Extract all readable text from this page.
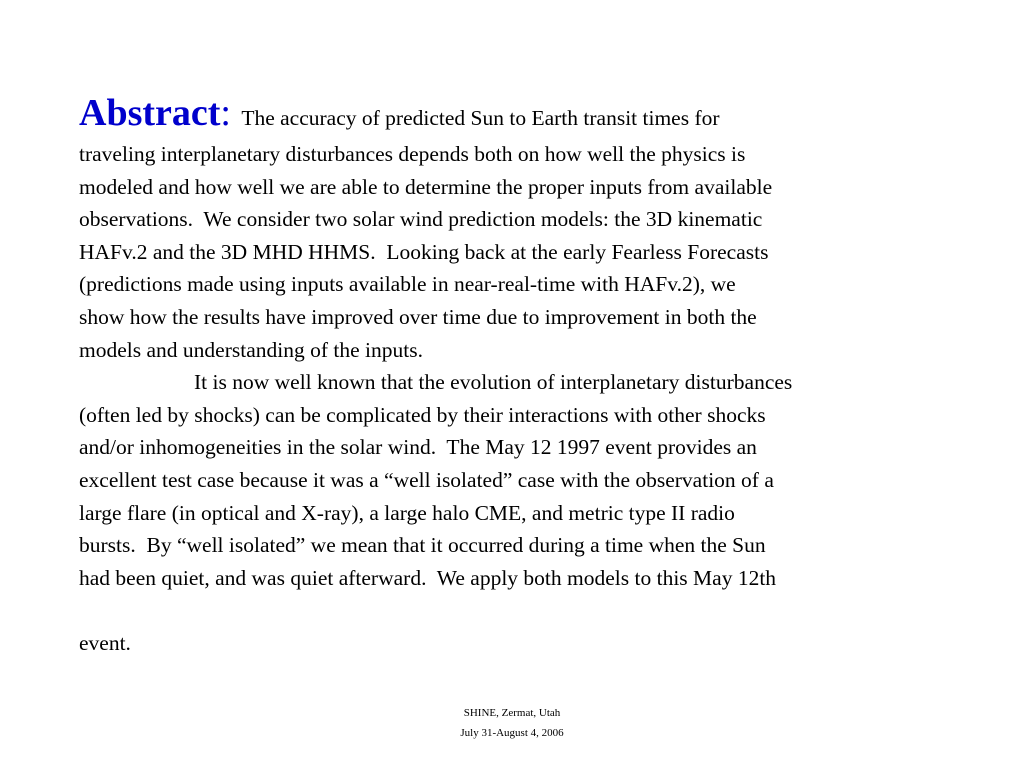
Abstract: The accuracy of predicted Sun to Earth transit times for
traveling interplanetary disturbances depends both on how well the physics is
modeled and how well we are able to determine the proper inputs from available
observations.  We consider two solar wind prediction models: the 3D kinematic
HAFv.2 and the 3D MHD HHMS.  Looking back at the early Fearless Forecasts
(predictions made using inputs available in near-real-time with HAFv.2), we
show how the results have improved over time due to improvement in both the
models and understanding of the inputs.
It is now well known that the evolution of interplanetary disturbances
(often led by shocks) can be complicated by their interactions with other shocks
and/or inhomogeneities in the solar wind.  The May 12 1997 event provides an
excellent test case because it was a “well isolated” case with the observation of a
large flare (in optical and X-ray), a large halo CME, and metric type II radio
bursts.  By “well isolated” we mean that it occurred during a time when the Sun
had been quiet, and was quiet afterward.  We apply both models to this May 12th
event.
SHINE, Zermat, Utah
July 31-August 4, 2006
